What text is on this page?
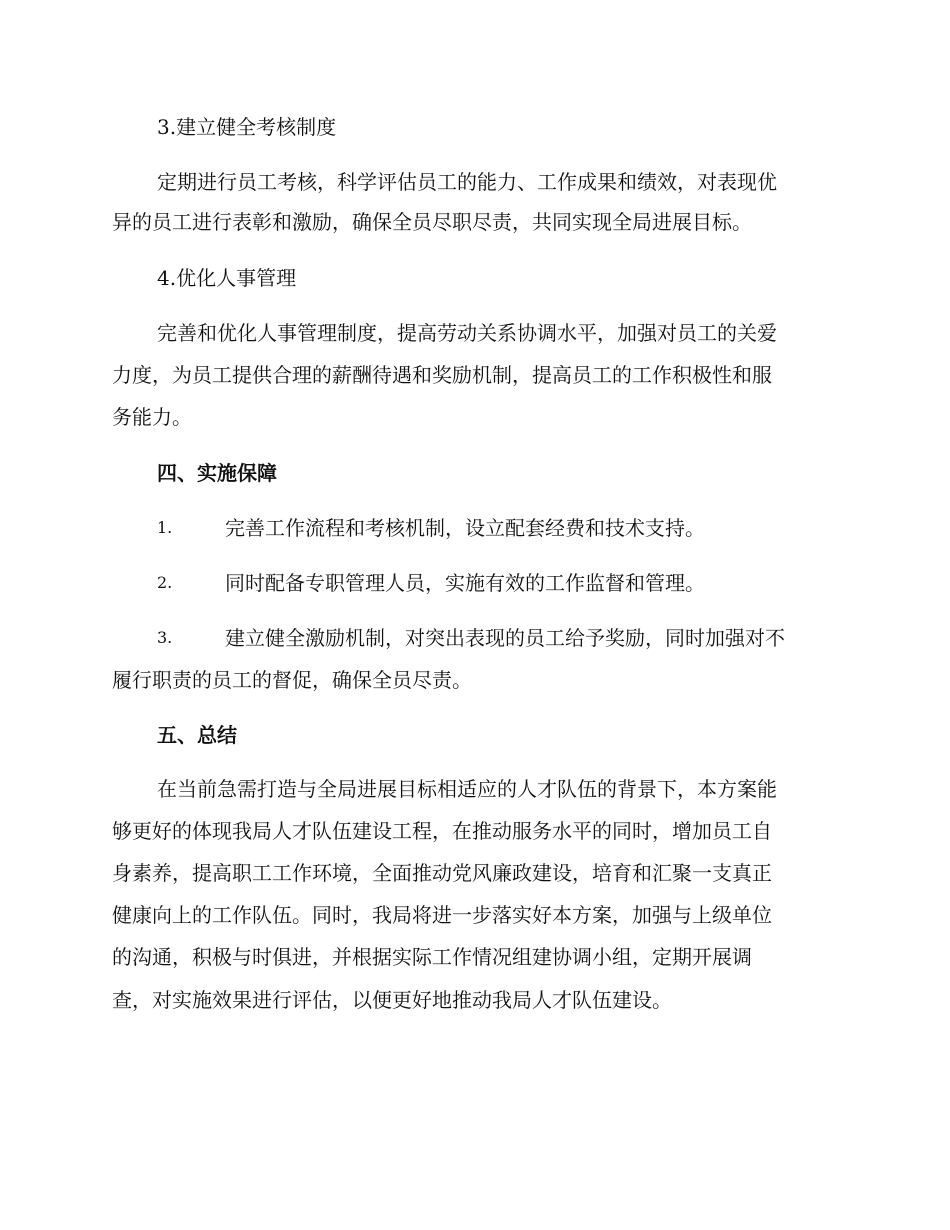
3.建立健全考核制度
定期进行员工考核，科学评估员工的能力、工作成果和绩效，对表现优
异的员工进行表彰和激励，确保全员尽职尽责，共同实现全局进展目标。
4.优化人事管理
完善和优化人事管理制度，提高劳动关系协调水平，加强对员工的关爱
力度，为员工提供合理的薪酬待遇和奖励机制，提高员工的工作积极性和服
务能力。
四、实施保障
1.	完善工作流程和考核机制，设立配套经费和技术支持。
2.	同时配备专职管理人员，实施有效的工作监督和管理。
3.	建立健全激励机制，对突出表现的员工给予奖励，同时加强对不
履行职责的员工的督促，确保全员尽责。
五、总结
在当前急需打造与全局进展目标相适应的人才队伍的背景下，本方案能
够更好的体现我局人才队伍建设工程，在推动服务水平的同时，增加员工自
身素养，提高职工工作环境，全面推动党风廉政建设，培育和汇聚一支真正
健康向上的工作队伍。同时，我局将进一步落实好本方案，加强与上级单位
的沟通，积极与时俱进，并根据实际工作情况组建协调小组，定期开展调
查，对实施效果进行评估，以便更好地推动我局人才队伍建设。
